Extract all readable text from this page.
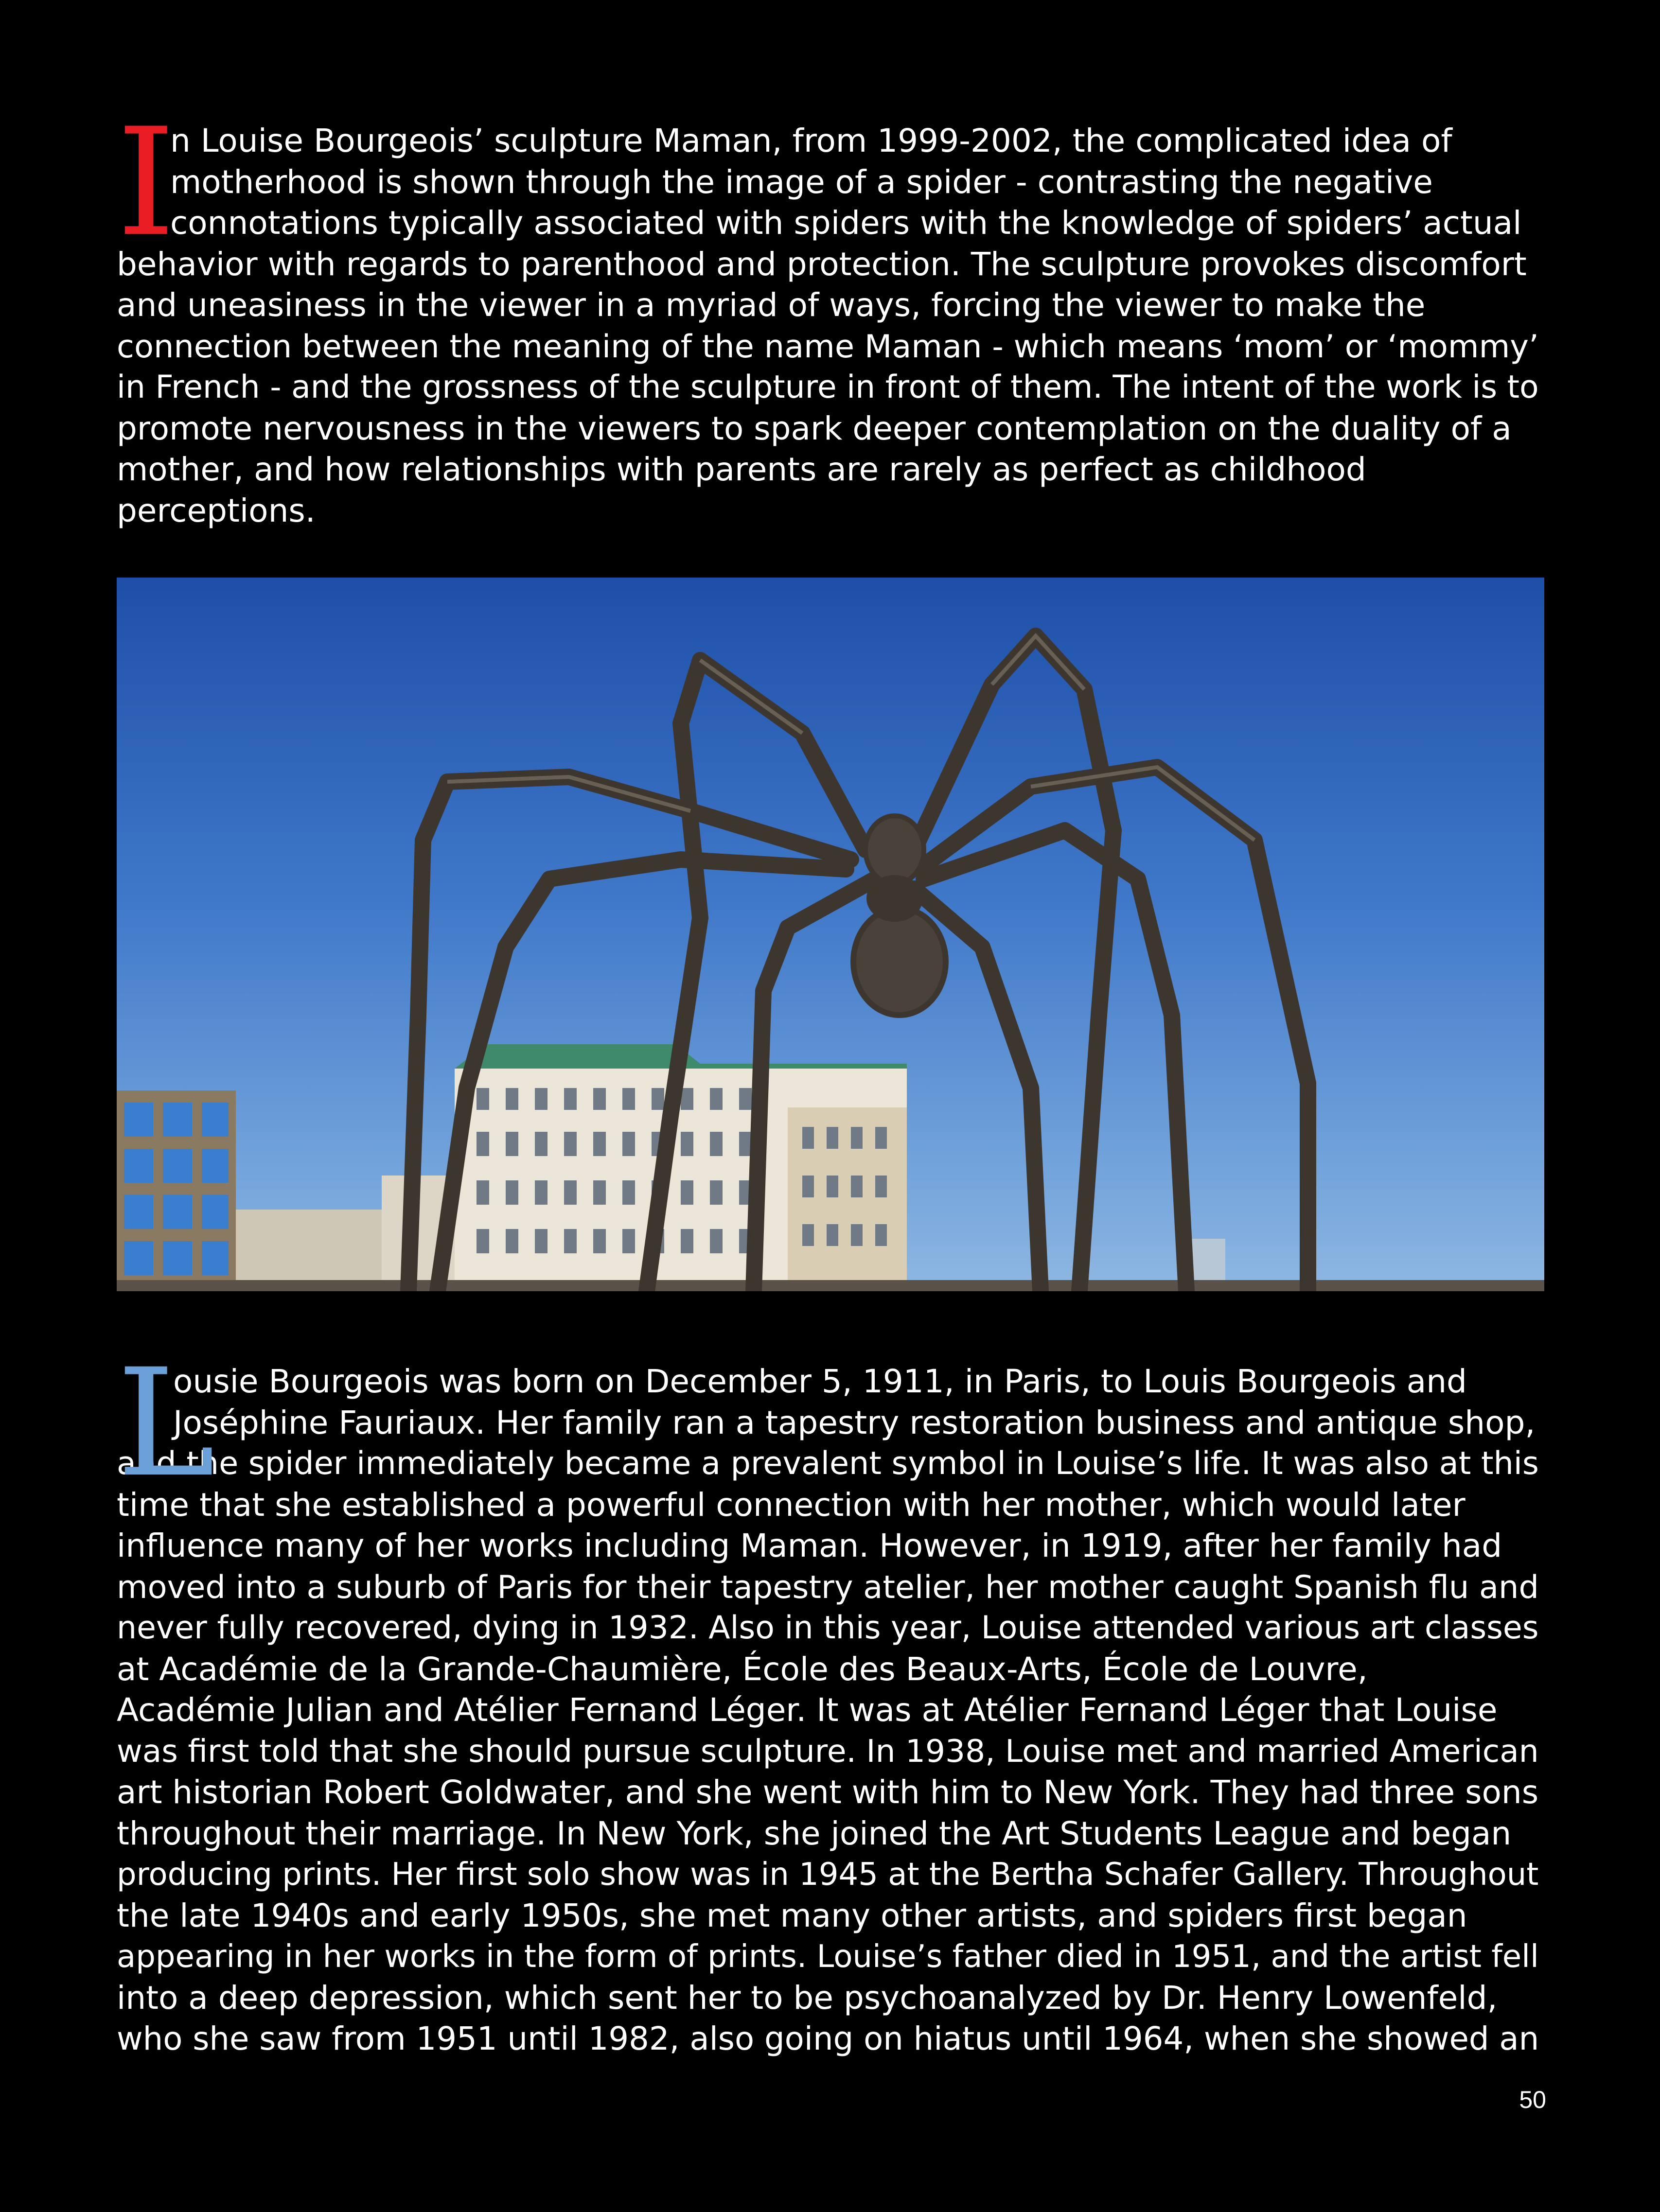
I
n Louise Bourgeois’ sculpture Maman, from 1999-2002, the complicated idea of
motherhood is shown through the image of a spider - contrasting the negative
connotations typically associated with spiders with the knowledge of spiders’ actual
behavior with regards to parenthood and protection. The sculpture provokes discomfort
and uneasiness in the viewer in a myriad of ways, forcing the viewer to make the
connection between the meaning of the name Maman - which means ‘mom’ or ‘mommy’
in French - and the grossness of the sculpture in front of them. The intent of the work is to
promote nervousness in the viewers to spark deeper contemplation on the duality of a
mother, and how relationships with parents are rarely as perfect as childhood
perceptions.

L
ousie Bourgeois was born on December 5, 1911, in Paris, to Louis Bourgeois and
Joséphine Fauriaux. Her family ran a tapestry restoration business and antique shop,
and the spider immediately became a prevalent symbol in Louise’s life. It was also at this
time that she established a powerful connection with her mother, which would later
influence many of her works including Maman. However, in 1919, after her family had
moved into a suburb of Paris for their tapestry atelier, her mother caught Spanish flu and
never fully recovered, dying in 1932. Also in this year, Louise attended various art classes
at Académie de la Grande-Chaumière, École des Beaux-Arts, École de Louvre,
Académie Julian and Atélier Fernand Léger. It was at Atélier Fernand Léger that Louise
was first told that she should pursue sculpture. In 1938, Louise met and married American
art historian Robert Goldwater, and she went with him to New York. They had three sons
throughout their marriage. In New York, she joined the Art Students League and began
producing prints. Her first solo show was in 1945 at the Bertha Schafer Gallery. Throughout
the late 1940s and early 1950s, she met many other artists, and spiders first began
appearing in her works in the form of prints. Louise’s father died in 1951, and the artist fell
into a deep depression, which sent her to be psychoanalyzed by Dr. Henry Lowenfeld,
who she saw from 1951 until 1982, also going on hiatus until 1964, when she showed an

50
